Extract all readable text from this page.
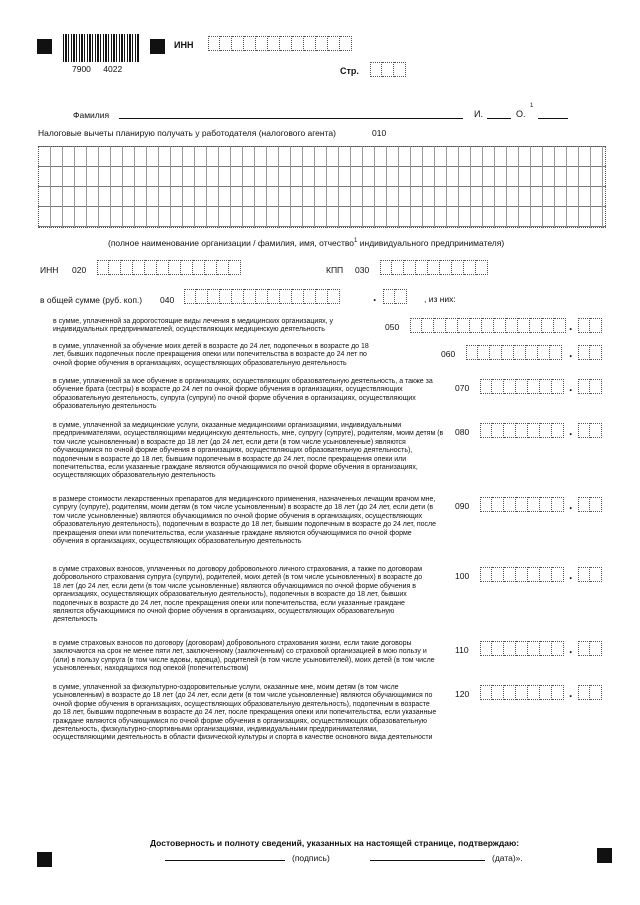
7900 4022
ИНН
Стр.
Фамилия	И.	О.
1
Налоговые вычеты планирую получать у работодателя (налогового агента)	010
(полное наименование организации / фамилия, имя, отчество$^1$ индивидуального предпринимателя)
ИНН 020	КПП 030
в общей сумме (руб. коп.) 040	.	, из них:
в сумме, уплаченной за дорогостоящие виды лечения в медицинских организациях, у индивидуальных предпринимателей, осуществляющих медицинскую деятельность	050	.
в сумме, уплаченной за обучение моих детей в возрасте до 24 лет, подопечных в возрасте до 18 лет, бывших подопечных после прекращения опеки или попечительства в возрасте до 24 лет по очной форме обучения в организациях, осуществляющих образовательную деятельность
060	.
в сумме, уплаченной за мое обучение в организациях, осуществляющих образовательную деятельность, а также за обучение брата (сестры) в возрасте до 24 лет по очной форме обучения в организациях, осуществляющих образовательную деятельность, супруга (супруги) по очной форме обучения в организациях, осуществляющих образовательную деятельность
070	.
в сумме, уплаченной за медицинские услуги, оказанные медицинскими организациями, индивидуальными предпринимателями, осуществляющими медицинскую деятельность, мне, супругу (супруге), родителям, моим детям (в том числе усыновленным) в возрасте до 18 лет (до 24 лет, если дети (в том числе усыновленные) являются обучающимися по очной форме обучения в организациях, осуществляющих образовательную деятельность), подопечным в возрасте до 18 лет, бывшим подопечным в возрасте до 24 лет, после прекращения опеки или попечительства, если указанные граждане являются обучающимися по очной форме обучения в организациях, осуществляющих образовательную деятельность
080	.
в размере стоимости лекарственных препаратов для медицинского применения, назначенных лечащим врачом мне, супругу (супруге), родителям, моим детям (в том числе усыновленным) в возрасте до 18 лет (до 24 лет, если дети (в том числе усыновленные) являются обучающимися по очной форме обучения в организациях, осуществляющих образовательную деятельность), подопечным в возрасте до 18 лет, бывшим подопечным в возрасте до 24 лет, после прекращения опеки или попечительства, если указанные граждане являются обучающимися по очной форме обучения в организациях, осуществляющих образовательную деятельность
090	.
в сумме страховых взносов, уплаченных по договору добровольного личного страхования, а также по договорам добровольного страхования супруга (супруги), родителей, моих детей (в том числе усыновленных) в возрасте до 18 лет (до 24 лет, если дети (в том числе усыновленные) являются обучающимися по очной форме обучения в организациях, осуществляющих образовательную деятельность), подопечных в возрасте до 18 лет, бывших подопечных в возрасте до 24 лет, после прекращения опеки или попечительства, если указанные граждане являются обучающимися по очной форме обучения в организациях, осуществляющих образовательную деятельность
100	.
в сумме страховых взносов по договору (договорам) добровольного страхования жизни, если такие договоры заключаются на срок не менее пяти лет, заключенному (заключенным) со страховой организацией в мою пользу и (или) в пользу супруга (в том числе вдовы, вдовца), родителей (в том числе усыновителей), моих детей (в том числе усыновленных, находящихся под опекой (попечительством)
110	.
в сумме, уплаченной за физкультурно-оздоровительные услуги, оказанные мне, моим детям (в том числе усыновленным) в возрасте до 18 лет (до 24 лет, если дети (в том числе усыновленные) являются обучающимися по очной форме обучения в организациях, осуществляющих образовательную деятельность), подопечным в возрасте до 18 лет, бывшим подопечным в возрасте до 24 лет, после прекращения опеки или попечительства, если указанные граждане являются обучающимися по очной форме обучения в организациях, осуществляющих образовательную деятельность, физкультурно-спортивными организациями, индивидуальными предпринимателями, осуществляющими деятельность в области физической культуры и спорта в качестве основного вида деятельности
120	.
Достоверность и полноту сведений, указанных на настоящей странице, подтверждаю:
(подпись)	(дата)».
